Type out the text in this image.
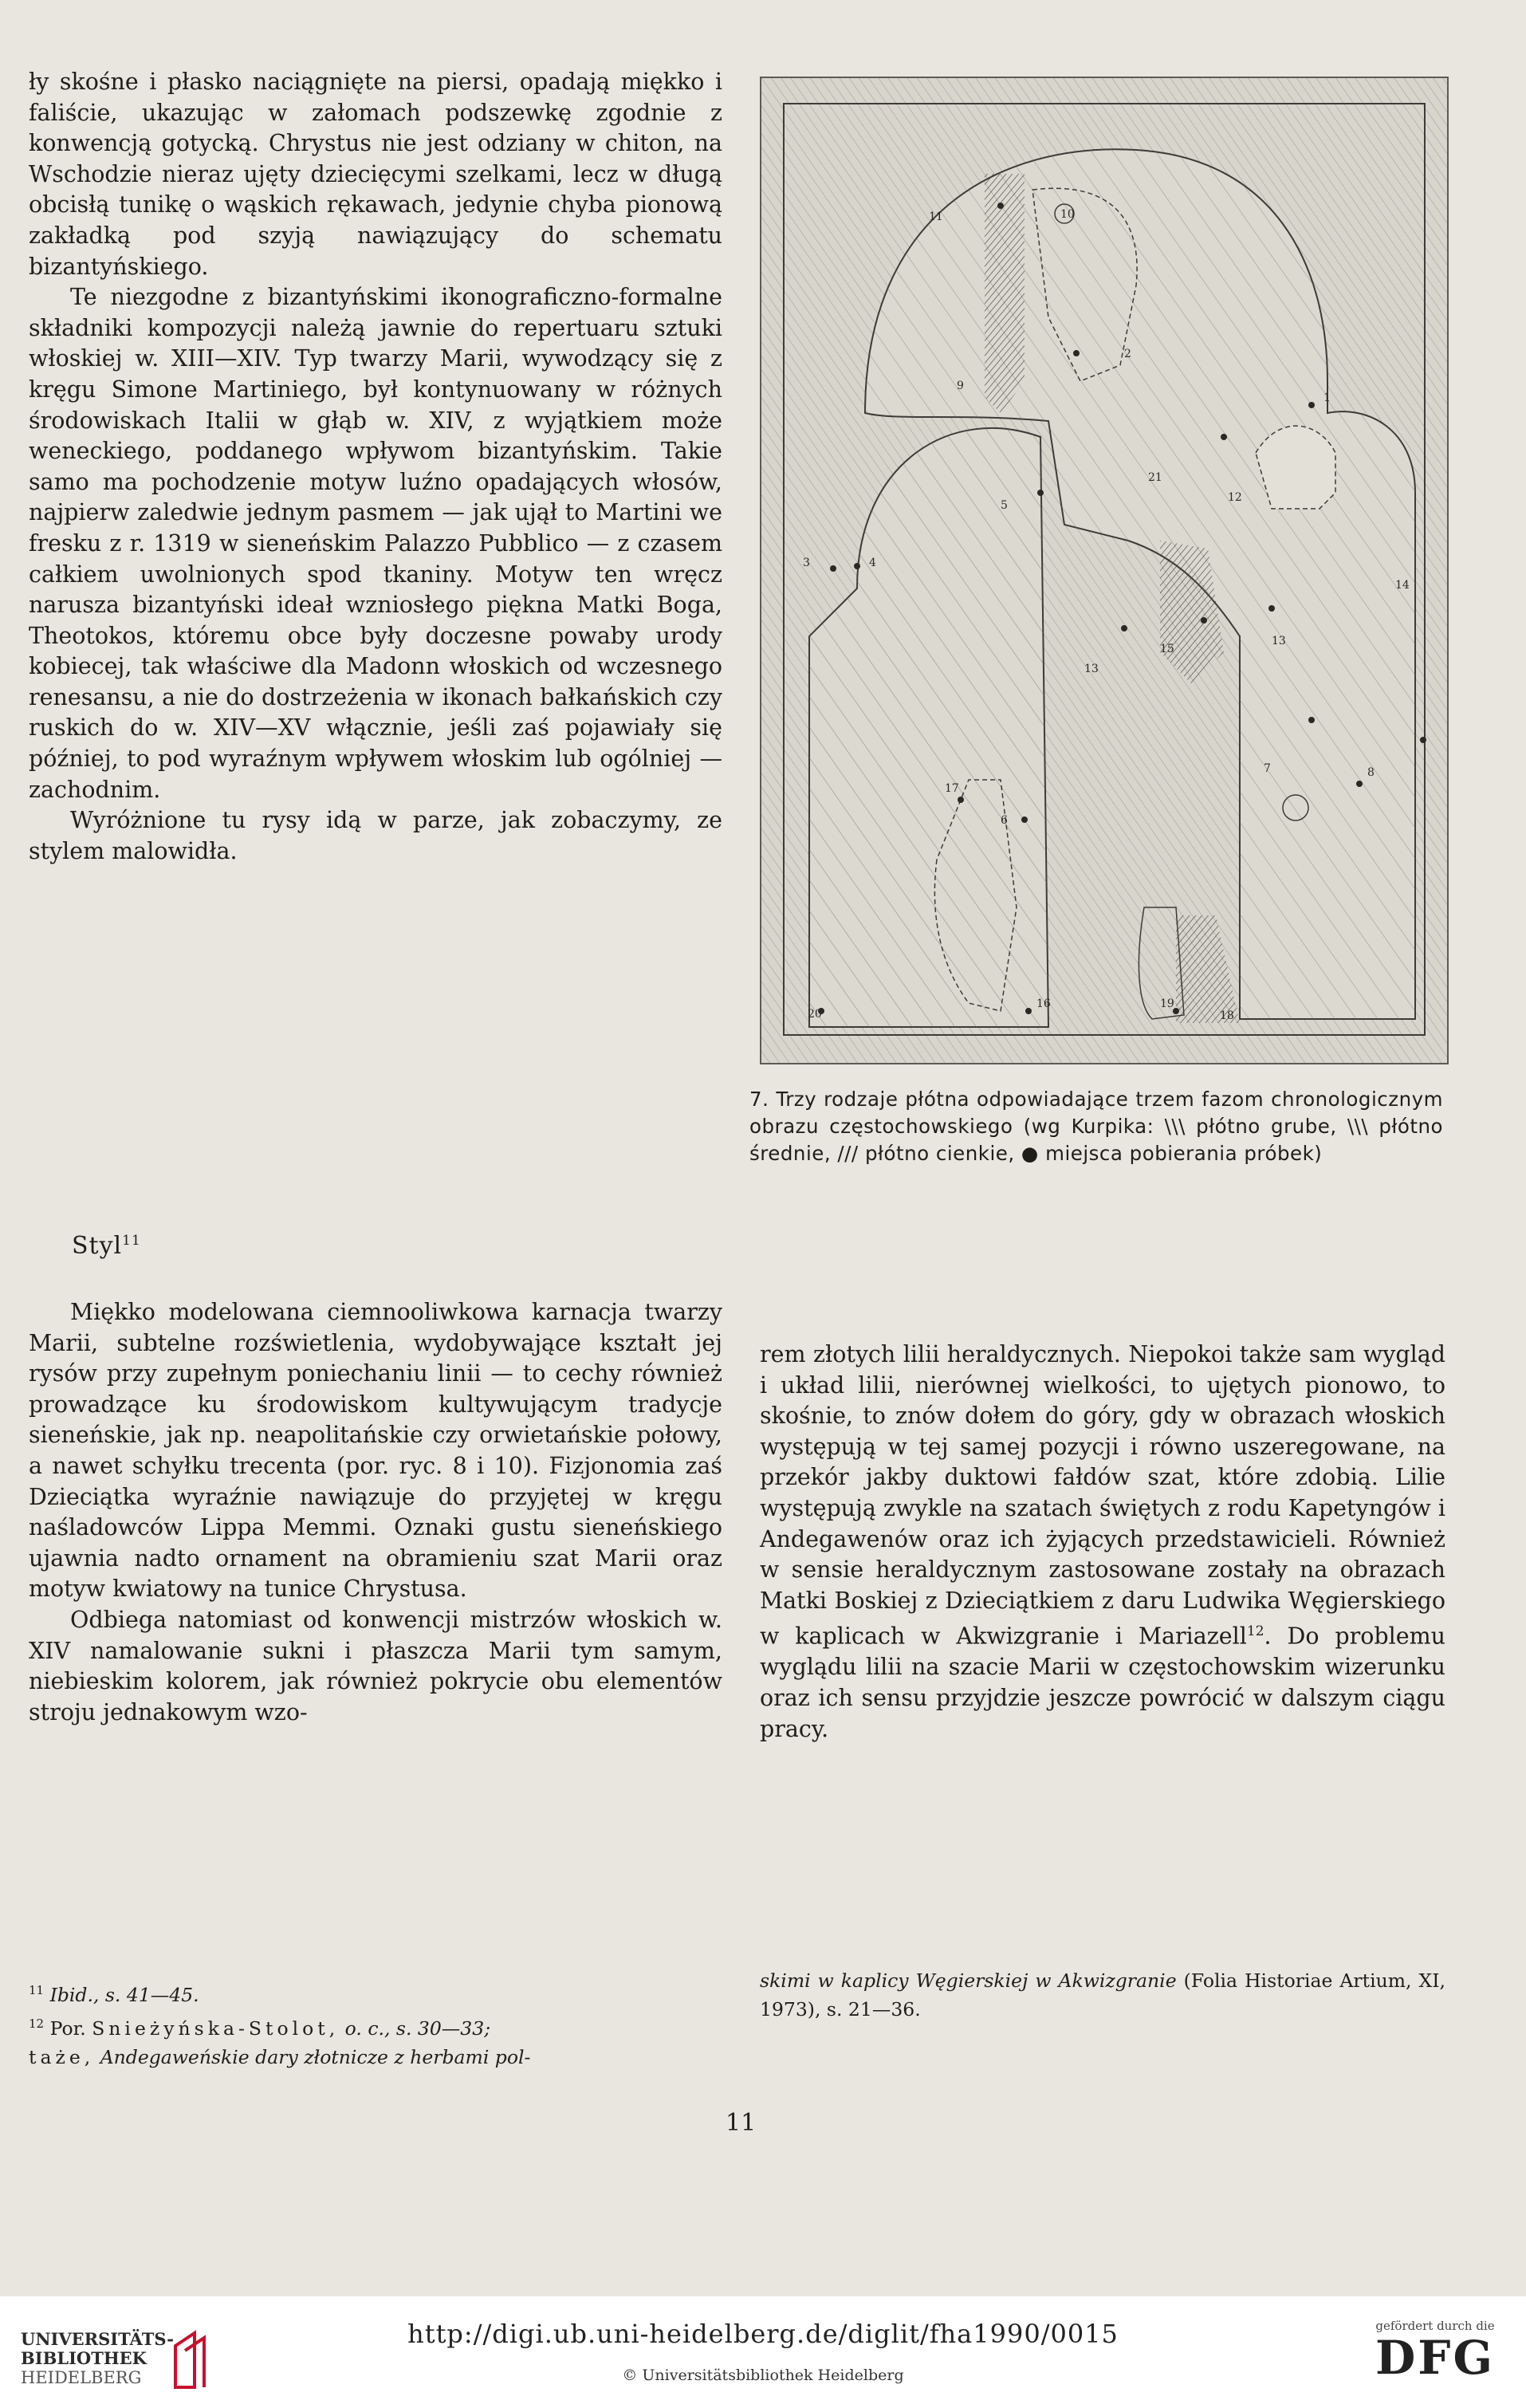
ły skośne i płasko naciągnięte na piersi, opadają miękko i faliście, ukazując w załomach podszewkę zgodnie z konwencją gotycką. Chrystus nie jest odziany w chiton, na Wschodzie nieraz ujęty dziecięcymi szelkami, lecz w długą obcisłą tunikę o wąskich rękawach, jedynie chyba pionową zakładką pod szyją nawiązujący do schematu bizantyńskiego.

Te niezgodne z bizantyńskimi ikonograficzno-formalne składniki kompozycji należą jawnie do repertuaru sztuki włoskiej w. XIII—XIV. Typ twarzy Marii, wywodzący się z kręgu Simone Martiniego, był kontynuowany w różnych środowiskach Italii w głąb w. XIV, z wyjątkiem może weneckiego, poddanego wpływom bizantyńskim. Takie samo ma pochodzenie motyw luźno opadających włosów, najpierw zaledwie jednym pasmem — jak ujął to Martini we fresku z r. 1319 w sieneńskim Palazzo Pubblico — z czasem całkiem uwolnionych spod tkaniny. Motyw ten wręcz narusza bizantyński ideał wzniosłego piękna Matki Boga, Theotokos, któremu obce były doczesne powaby urody kobiecej, tak właściwe dla Madonn włoskich od wczesnego renesansu, a nie do dostrzeżenia w ikonach bałkańskich czy ruskich do w. XIV—XV włącznie, jeśli zaś pojawiały się później, to pod wyraźnym wpływem włoskim lub ogólniej — zachodnim.

Wyróżnione tu rysy idą w parze, jak zobaczymy, ze stylem malowidła.

Styl$^{11}$

Miękko modelowana ciemnooliwkowa karnacja twarzy Marii, subtelne rozświetlenia, wydobywające kształt jej rysów przy zupełnym poniechaniu linii — to cechy również prowadzące ku środowiskom kultywującym tradycje sieneńskie, jak np. neapolitańskie czy orwietańskie połowy, a nawet schyłku trecenta (por. ryc. 8 i 10). Fizjonomia zaś Dzieciątka wyraźnie nawiązuje do przyjętej w kręgu naśladowców Lippa Memmi. Oznaki gustu sieneńskiego ujawnia nadto ornament na obramieniu szat Marii oraz motyw kwiatowy na tunice Chrystusa.

Odbiega natomiast od konwencji mistrzów włoskich w. XIV namalowanie sukni i płaszcza Marii tym samym, niebieskim kolorem, jak również pokrycie obu elementów stroju jednakowym wzo-

11	10
2
1
9
21
12
5
3	4
15
13
13
14
7	8
17
6
20
16	19
18
7. Trzy rodzaje płótna odpowiadające trzem fazom chronologicznym obrazu częstochowskiego (wg Kurpika: \\\ płótno grube, \\\ płótno średnie, /// płótno cienkie, ● miejsca pobierania próbek)

rem złotych lilii heraldycznych. Niepokoi także sam wygląd i układ lilii, nierównej wielkości, to ujętych pionowo, to skośnie, to znów dołem do góry, gdy w obrazach włoskich występują w tej samej pozycji i równo uszeregowane, na przekór jakby duktowi fałdów szat, które zdobią. Lilie występują zwykle na szatach świętych z rodu Kapetyngów i Andegawenów oraz ich żyjących przedstawicieli. Również w sensie heraldycznym zastosowane zostały na obrazach Matki Boskiej z Dzieciątkiem z daru Ludwika Węgierskiego w kaplicach w Akwizgranie i Mariazell$^{12}$. Do problemu wyglądu lilii na szacie Marii w częstochowskim wizerunku oraz ich sensu przyjdzie jeszcze powrócić w dalszym ciągu pracy.

$^{11}$ Ibid., s. 41—45.
$^{12}$ Por. Snieżyńska-Stolot, o. c., s. 30—33;
taże, Andegaweńskie dary złotnicze z herbami pol-
skimi w kaplicy Węgierskiej w Akwizgranie (Folia Historiae Artium, XI, 1973), s. 21—36.
11
UNIVERSITÄTS-
BIBLIOTHEK
HEIDELBERG
http://digi.ub.uni-heidelberg.de/diglit/fha1990/0015
© Universitätsbibliothek Heidelberg
gefördert durch die
DFG
